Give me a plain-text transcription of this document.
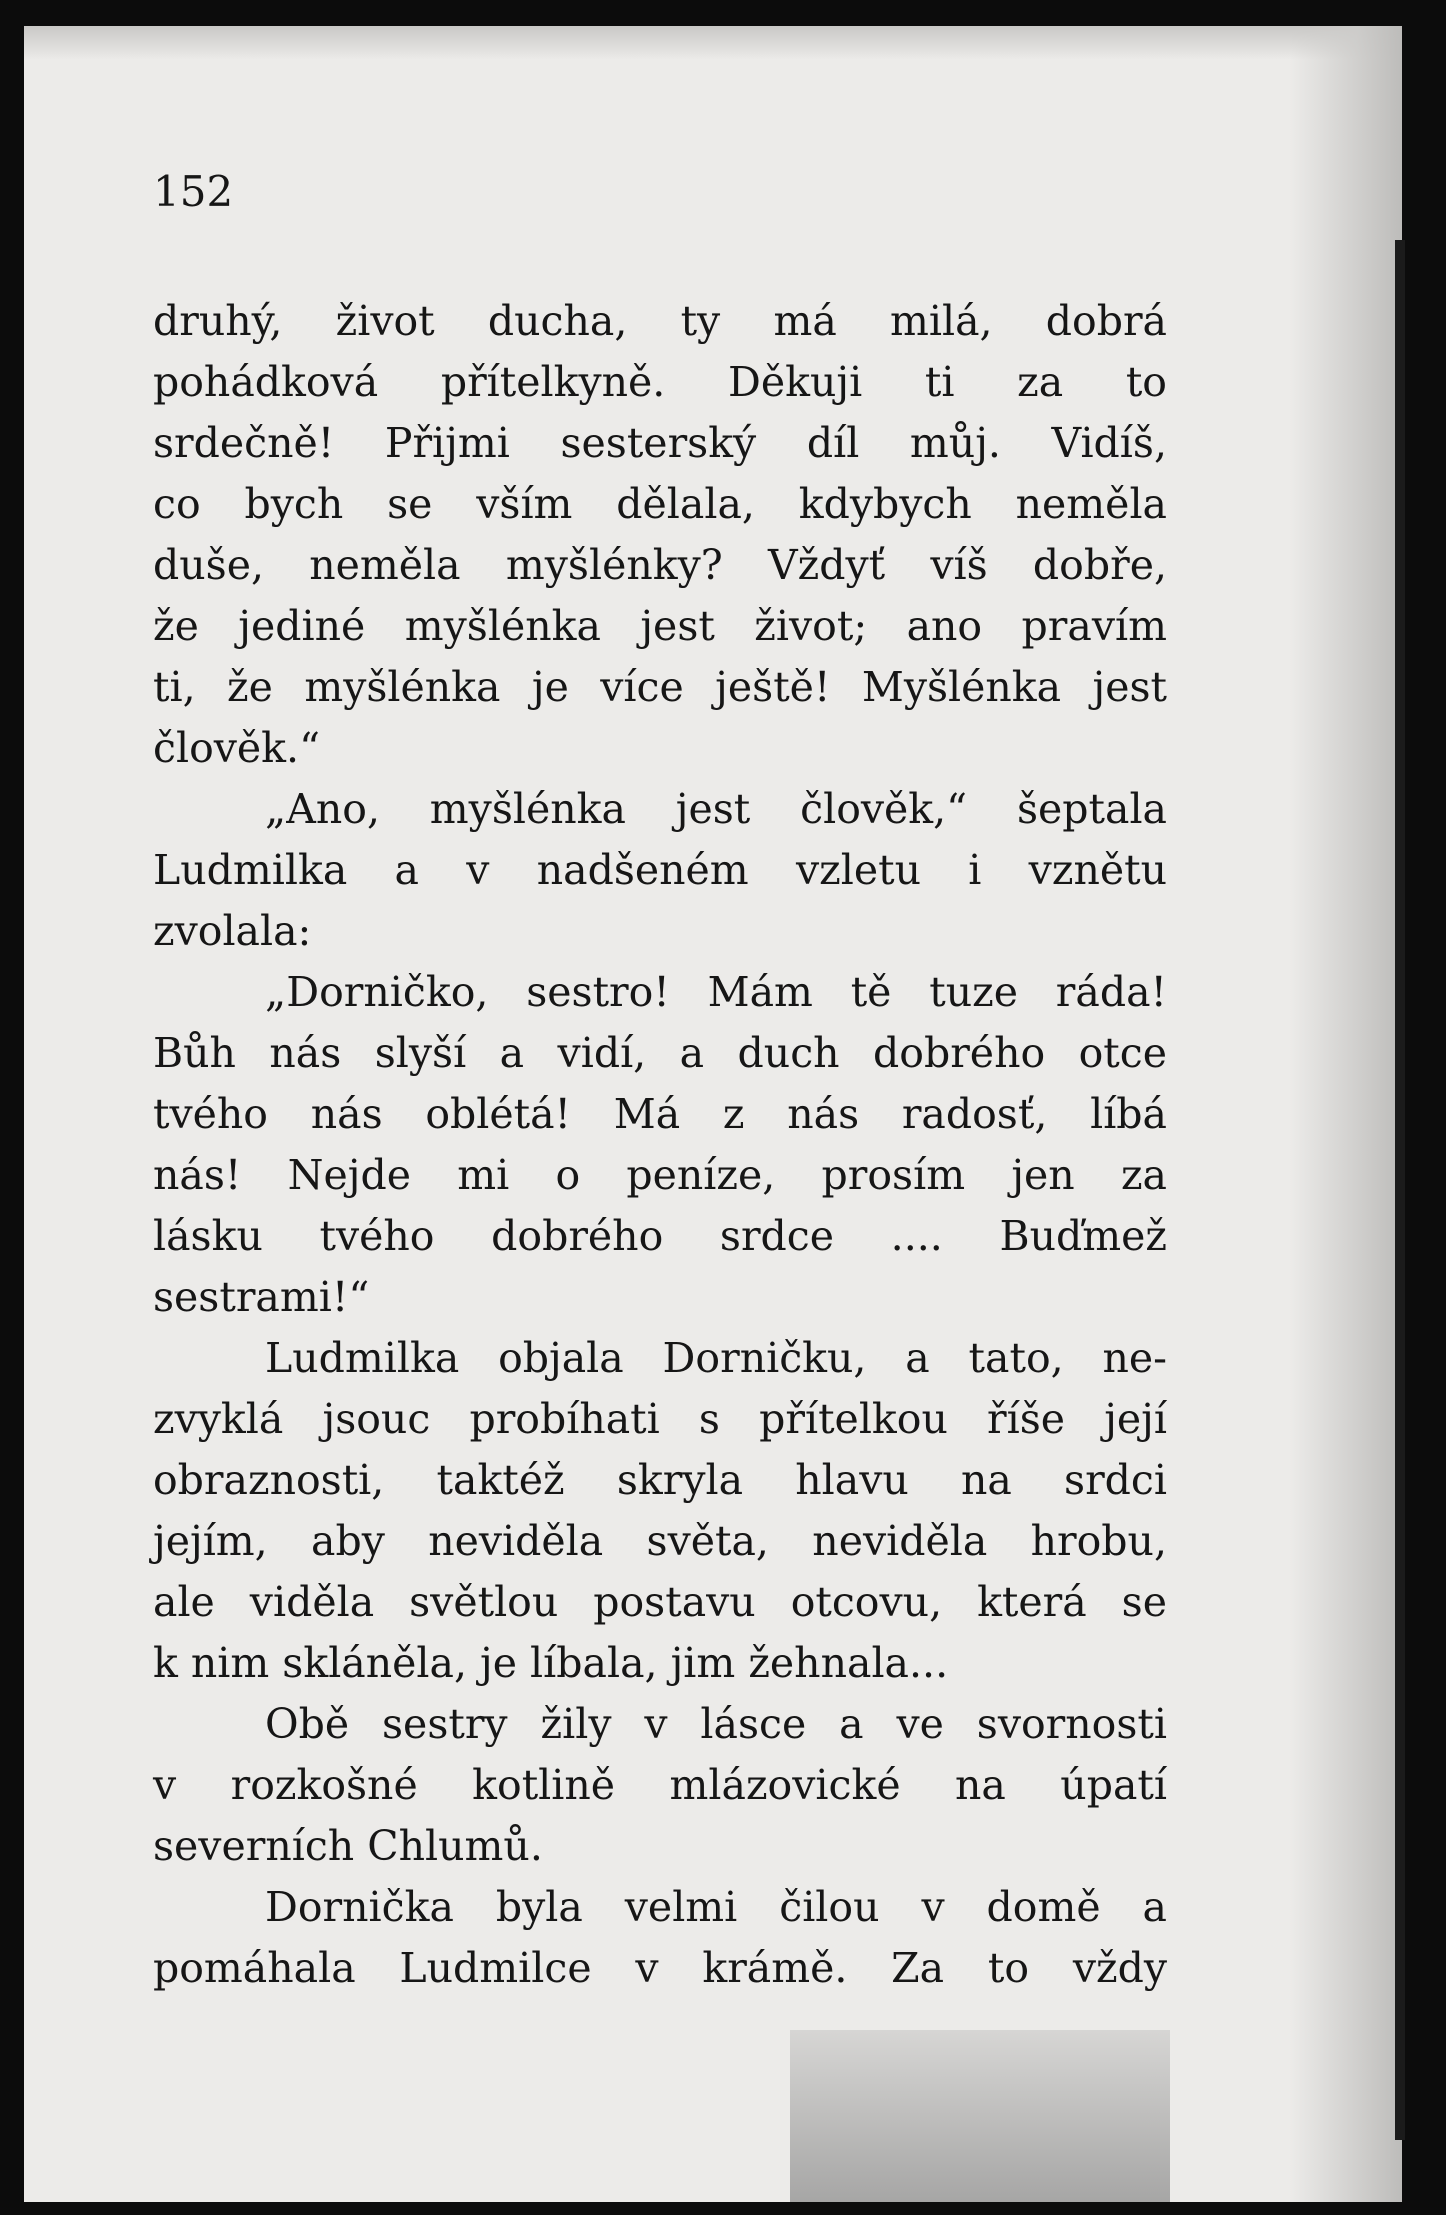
152

druhý, život ducha, ty má milá, dobrá

pohádková přítelkyně. Děkuji ti za to

srdečně! Přijmi sesterský díl můj. Vidíš,

co bych se vším dělala, kdybych neměla

duše, neměla myšlénky? Vždyť víš dobře,

že jediné myšlénka jest život; ano pravím

ti, že myšlénka je více ještě! Myšlénka jest

člověk.“

„Ano, myšlénka jest člověk,“ šeptala

Ludmilka a v nadšeném vzletu i vznětu

zvolala:

„Dorničko, sestro! Mám tě tuze ráda!

Bůh nás slyší a vidí, a duch dobrého otce

tvého nás oblétá! Má z nás radosť, líbá

nás! Nejde mi o peníze, prosím jen za

lásku tvého dobrého srdce .... Buďmež

sestrami!“

Ludmilka objala Dorničku, a tato, ne-

zvyklá jsouc probíhati s přítelkou říše její

obraznosti, taktéž skryla hlavu na srdci

jejím, aby neviděla světa, neviděla hrobu,

ale viděla světlou postavu otcovu, která se

k nim skláněla, je líbala, jim žehnala...

Obě sestry žily v lásce a ve svornosti

v rozkošné kotlině mlázovické na úpatí

severních Chlumů.

Dornička byla velmi čilou v domě a

pomáhala Ludmilce v krámě. Za to vždy
